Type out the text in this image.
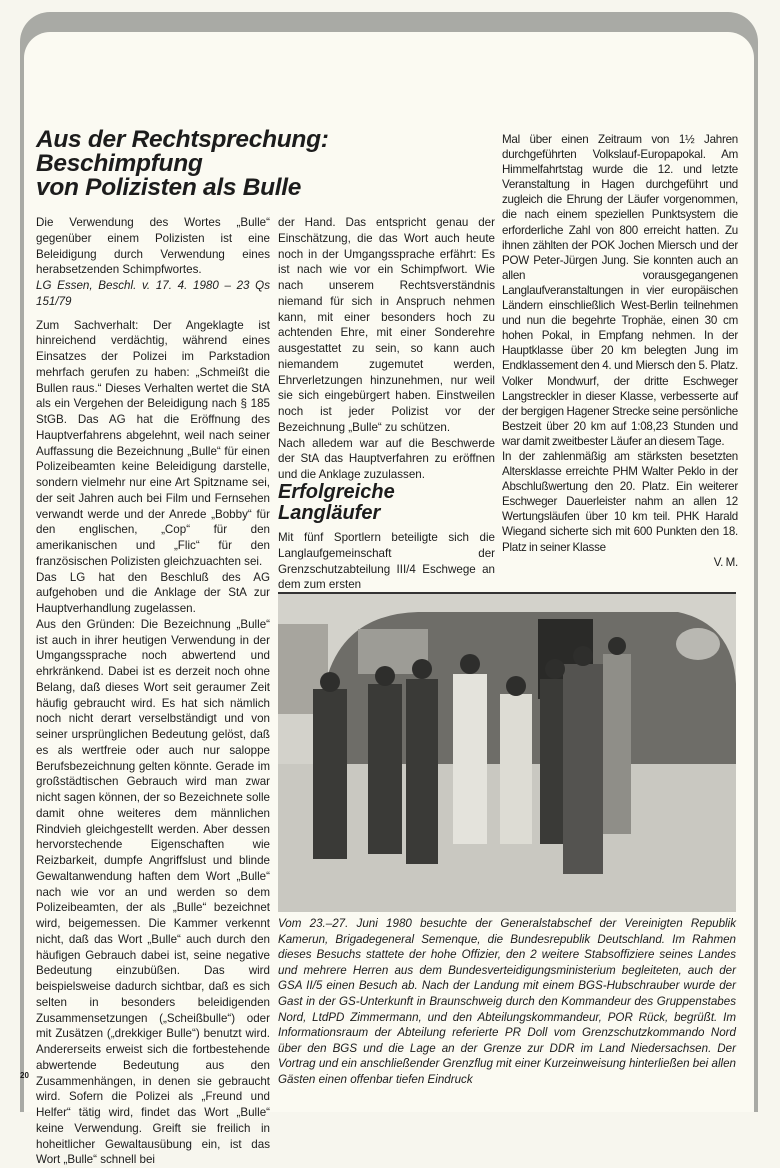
Aus der Rechtsprechung:
Beschimpfung
von Polizisten als Bulle

Die Verwendung des Wortes „Bulle“ gegenüber einem Polizisten ist eine Beleidigung durch Verwendung eines herabsetzenden Schimpfwortes.

LG Essen, Beschl. v. 17. 4. 1980 – 23 Qs 151/79

Zum Sachverhalt: Der Angeklagte ist hinreichend verdächtig, während eines Einsatzes der Polizei im Parkstadion mehrfach gerufen zu haben: „Schmeißt die Bullen raus.“ Dieses Verhalten wertet die StA als ein Vergehen der Beleidigung nach § 185 StGB. Das AG hat die Eröffnung des Hauptverfahrens abgelehnt, weil nach seiner Auffassung die Bezeichnung „Bulle“ für einen Polizeibeamten keine Beleidigung darstelle, sondern vielmehr nur eine Art Spitzname sei, der seit Jahren auch bei Film und Fernsehen verwandt werde und der Anrede „Bobby“ für den englischen, „Cop“ für den amerikanischen und „Flic“ für den französischen Polizisten gleichzuachten sei.

Das LG hat den Beschluß des AG aufgehoben und die Anklage der StA zur Hauptverhandlung zugelassen.

Aus den Gründen: Die Bezeichnung „Bulle“ ist auch in ihrer heutigen Verwendung in der Umgangssprache noch abwertend und ehrkränkend. Dabei ist es derzeit noch ohne Belang, daß dieses Wort seit geraumer Zeit häufig gebraucht wird. Es hat sich nämlich noch nicht derart verselbständigt und von seiner ursprünglichen Bedeutung gelöst, daß es als wertfreie oder auch nur saloppe Berufsbezeichnung gelten könnte. Gerade im großstädtischen Gebrauch wird man zwar nicht sagen können, der so Bezeichnete solle damit ohne weiteres dem männlichen Rindvieh gleichgestellt werden. Aber dessen hervorstechende Eigenschaften wie Reizbarkeit, dumpfe Angriffslust und blinde Gewaltanwendung haften dem Wort „Bulle“ nach wie vor an und werden so dem Polizeibeamten, der als „Bulle“ bezeichnet wird, beigemessen. Die Kammer verkennt nicht, daß das Wort „Bulle“ auch durch den häufigen Gebrauch dabei ist, seine negative Bedeutung einzubüßen. Das wird beispielsweise dadurch sichtbar, daß es sich selten in besonders beleidigenden Zusammensetzungen („Scheißbulle“) oder mit Zusätzen („drekkiger Bulle“) benutzt wird. Andererseits erweist sich die fortbestehende abwertende Bedeutung aus den Zusammenhängen, in denen sie gebraucht wird. Sofern die Polizei als „Freund und Helfer“ tätig wird, findet das Wort „Bulle“ keine Verwendung. Greift sie freilich in hoheitlicher Gewaltausübung ein, ist das Wort „Bulle“ schnell bei

der Hand. Das entspricht genau der Einschätzung, die das Wort auch heute noch in der Umgangssprache erfährt: Es ist nach wie vor ein Schimpfwort. Wie nach unserem Rechtsverständnis niemand für sich in Anspruch nehmen kann, mit einer besonders hoch zu achtenden Ehre, mit einer Sonderehre ausgestattet zu sein, so kann auch niemandem zugemutet werden, Ehrverletzungen hinzunehmen, nur weil sie sich eingebürgert haben. Einstweilen noch ist jeder Polizist vor der Bezeichnung „Bulle“ zu schützen.

Nach alledem war auf die Beschwerde der StA das Hauptverfahren zu eröffnen und die Anklage zuzulassen.

Erfolgreiche
Langläufer

Mit fünf Sportlern beteiligte sich die Langlaufgemeinschaft der Grenzschutzabteilung III/4 Eschwege an dem zum ersten

Mal über einen Zeitraum von 1½ Jahren durchgeführten Volkslauf-Europapokal. Am Himmelfahrtstag wurde die 12. und letzte Veranstaltung in Hagen durchgeführt und zugleich die Ehrung der Läufer vorgenommen, die nach einem speziellen Punktsystem die erforderliche Zahl von 800 erreicht hatten. Zu ihnen zählten der POK Jochen Miersch und der POW Peter-Jürgen Jung. Sie konnten auch an allen vorausgegangenen Langlaufveranstaltungen in vier europäischen Ländern einschließlich West-Berlin teilnehmen und nun die begehrte Trophäe, einen 30 cm hohen Pokal, in Empfang nehmen. In der Hauptklasse über 20 km belegten Jung im Endklassement den 4. und Miersch den 5. Platz. Volker Mondwurf, der dritte Eschweger Langstreckler in dieser Klasse, verbesserte auf der bergigen Hagener Strecke seine persönliche Bestzeit über 20 km auf 1:08,23 Stunden und war damit zweitbester Läufer an diesem Tage.

In der zahlenmäßig am stärksten besetzten Altersklasse erreichte PHM Walter Peklo in der Abschlußwertung den 20. Platz. Ein weiterer Eschweger Dauerleister nahm an allen 12 Wertungsläufen über 10 km teil. PHK Harald Wiegand sicherte sich mit 600 Punkten den 18. Platz in seiner Klasse

V. M.

Vom 23.–27. Juni 1980 besuchte der Generalstabschef der Vereinigten Republik Kamerun, Brigadegeneral Semenque, die Bundesrepublik Deutschland. Im Rahmen dieses Besuchs stattete der hohe Offizier, den 2 weitere Stabsoffiziere seines Landes und mehrere Herren aus dem Bundesverteidigungsministerium begleiteten, auch der GSA II/5 einen Besuch ab. Nach der Landung mit einem BGS-Hubschrauber wurde der Gast in der GS-Unterkunft in Braunschweig durch den Kommandeur des Gruppenstabes Nord, LtdPD Zimmermann, und den Abteilungskommandeur, POR Rück, begrüßt. Im Informationsraum der Abteilung referierte PR Doll vom Grenzschutzkommando Nord über den BGS und die Lage an der Grenze zur DDR im Land Niedersachsen. Der Vortrag und ein anschließender Grenzflug mit einer Kurzeinweisung hinterließen bei allen Gästen einen offenbar tiefen Eindruck

20
